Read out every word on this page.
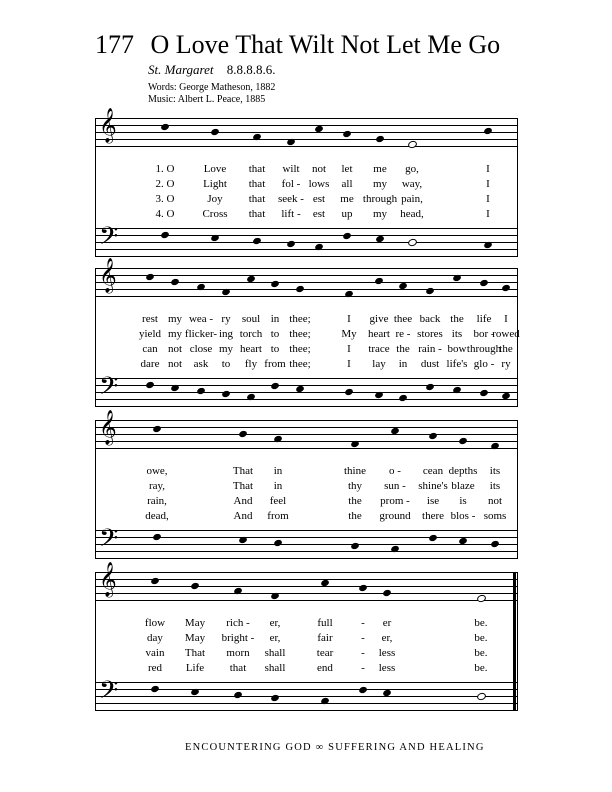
177 O Love That Wilt Not Let Me Go
St. Margaret 8.8.8.8.6.
Words: George Matheson, 1882
Music: Albert L. Peace, 1885
𝄞
𝄢
1. O	Love that wilt not let me go,	I
2. O	Light that fol - lows all my way,	I
3. O	Joy that seek - est me through pain,	I
4. O	Cross that lift - est up my head,	I
𝄞
𝄢
rest my wea - ry soul in thee;	I give thee back the life I
yield my flicker- ing torch to thee;	My heart re - stores its bor -
rowed
can not close my heart to thee;	I trace the rain - bow through
the
dare not ask to fly from thee;	I lay in dust life's glo - ry
𝄞
𝄢
owe,	That in	thine o - cean depths its
ray,	That in	thy sun - shine's blaze its
rain,	And feel	the prom - ise is not
dead,	And from	the ground there blos - soms
𝄞
𝄢
flow May rich - er,	full	- er	be.
day May bright - er,	fair	- er,	be.
vain That morn shall	tear	- less	be.
red Life that shall	end	- less	be.
ENCOUNTERING GOD ∞ SUFFERING AND HEALING
